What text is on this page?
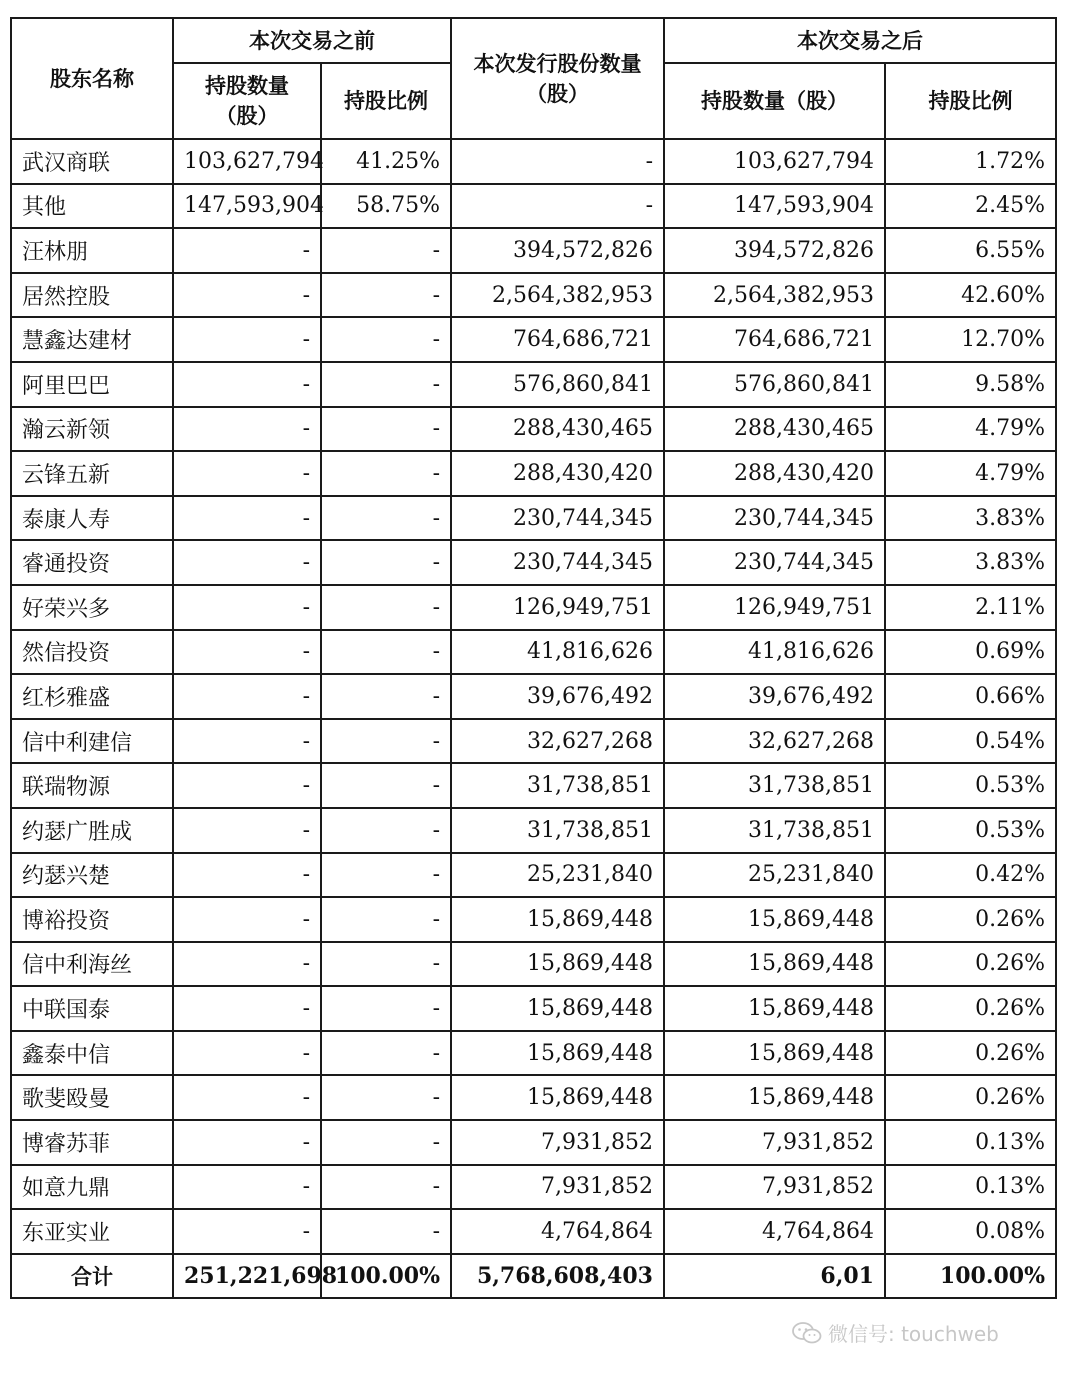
股东名称	本次交易之前		本次发行股份数量（股）	本次交易之后	
	持股数量（股）	持股比例		持股数量（股）	持股比例
武汉商联	103,627,794	41.25%	-	103,627,794	1.72%
其他	147,593,904	58.75%	-	147,593,904	2.45%
汪林朋	-	-	394,572,826	394,572,826	6.55%
居然控股	-	-	2,564,382,953	2,564,382,953	42.60%
慧鑫达建材	-	-	764,686,721	764,686,721	12.70%
阿里巴巴	-	-	576,860,841	576,860,841	9.58%
瀚云新领	-	-	288,430,465	288,430,465	4.79%
云锋五新	-	-	288,430,420	288,430,420	4.79%
泰康人寿	-	-	230,744,345	230,744,345	3.83%
睿通投资	-	-	230,744,345	230,744,345	3.83%
好荣兴多	-	-	126,949,751	126,949,751	2.11%
然信投资	-	-	41,816,626	41,816,626	0.69%
红杉雅盛	-	-	39,676,492	39,676,492	0.66%
信中利建信	-	-	32,627,268	32,627,268	0.54%
联瑞物源	-	-	31,738,851	31,738,851	0.53%
约瑟广胜成	-	-	31,738,851	31,738,851	0.53%
约瑟兴楚	-	-	25,231,840	25,231,840	0.42%
博裕投资	-	-	15,869,448	15,869,448	0.26%
信中利海丝	-	-	15,869,448	15,869,448	0.26%
中联国泰	-	-	15,869,448	15,869,448	0.26%
鑫泰中信	-	-	15,869,448	15,869,448	0.26%
歌斐殴曼	-	-	15,869,448	15,869,448	0.26%
博睿苏菲	-	-	7,931,852	7,931,852	0.13%
如意九鼎	-	-	7,931,852	7,931,852	0.13%
东亚实业	-	-	4,764,864	4,764,864	0.08%
合计	251,221,698	100.00%	5,768,608,403	6,01	100.00%
微信号: touchweb
